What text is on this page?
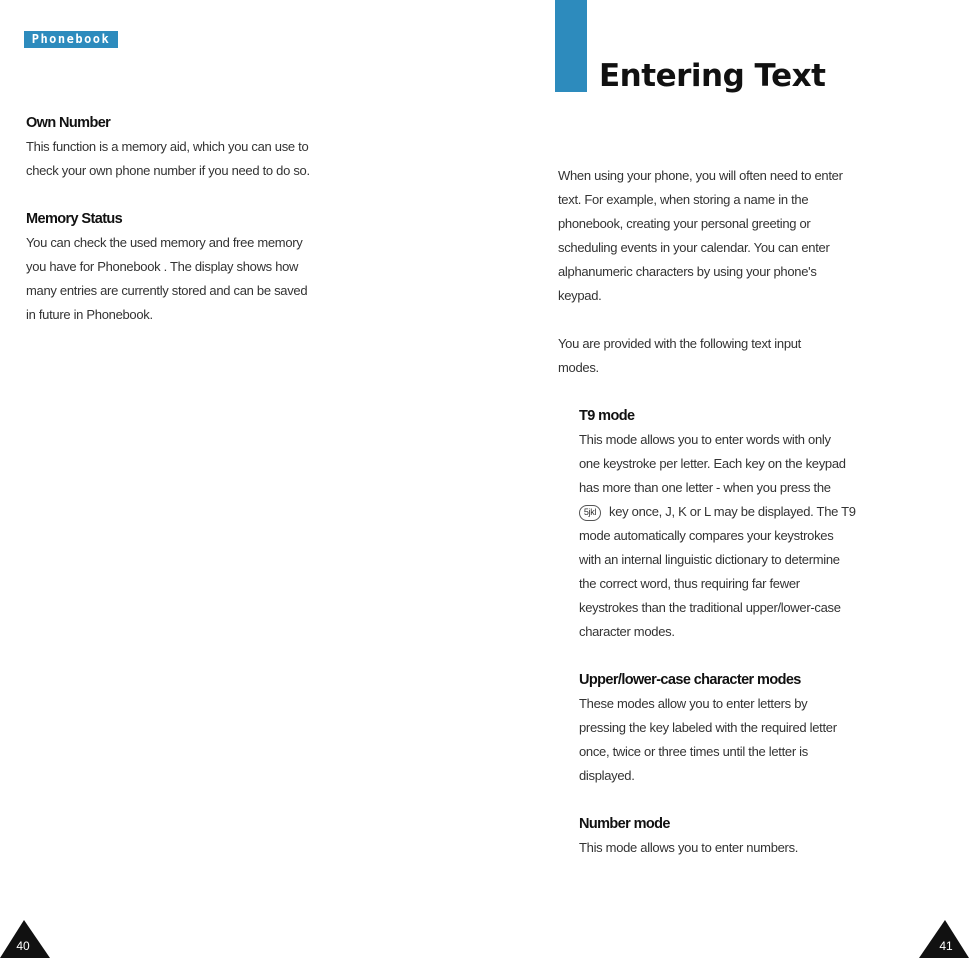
Phonebook
Own Number

This function is a memory aid, which you can use to

check your own phone number if you need to do so.

Memory Status

You can check the used memory and free memory

you have for Phonebook . The display shows how

many entries are currently stored and can be saved

in future in Phonebook.

40
Entering Text

When using your phone, you will often need to enter

text. For example, when storing a name in the

phonebook, creating your personal greeting or

scheduling events in your calendar. You can enter

alphanumeric characters by using your phone's

keypad.

You are provided with the following text input

modes.

T9 mode

This mode allows you to enter words with only

one keystroke per letter. Each key on the keypad

has more than one letter - when you press the

5jkl key once, J, K or L may be displayed. The T9

mode automatically compares your keystrokes

with an internal linguistic dictionary to determine

the correct word, thus requiring far fewer

keystrokes than the traditional upper/lower-case

character modes.

Upper/lower-case character modes

These modes allow you to enter letters by

pressing the key labeled with the required letter

once, twice or three times until the letter is

displayed.

Number mode

This mode allows you to enter numbers.

41
